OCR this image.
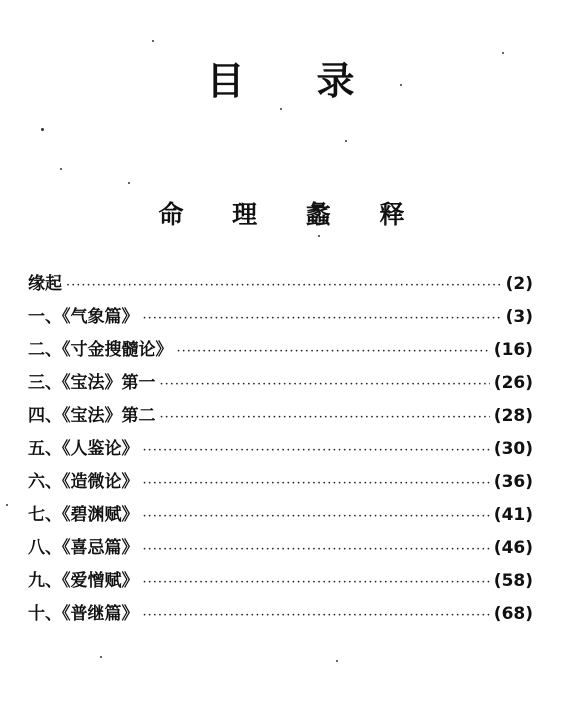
目 录
命 理 蠡 释
缘起 ·····	(2)
一、《气象篇》 ·····	(3)
二、《寸金搜髓论》 ·····	(16)
三、《宝法》第一 ·····	(26)
四、《宝法》第二 ·····	(28)
五、《人鉴论》 ·····	(30)
六、《造微论》 ·····	(36)
七、《碧渊赋》 ·····	(41)
八、《喜忌篇》 ·····	(46)
九、《爱憎赋》 ·····	(58)
十、《普继篇》 ·····	(68)
